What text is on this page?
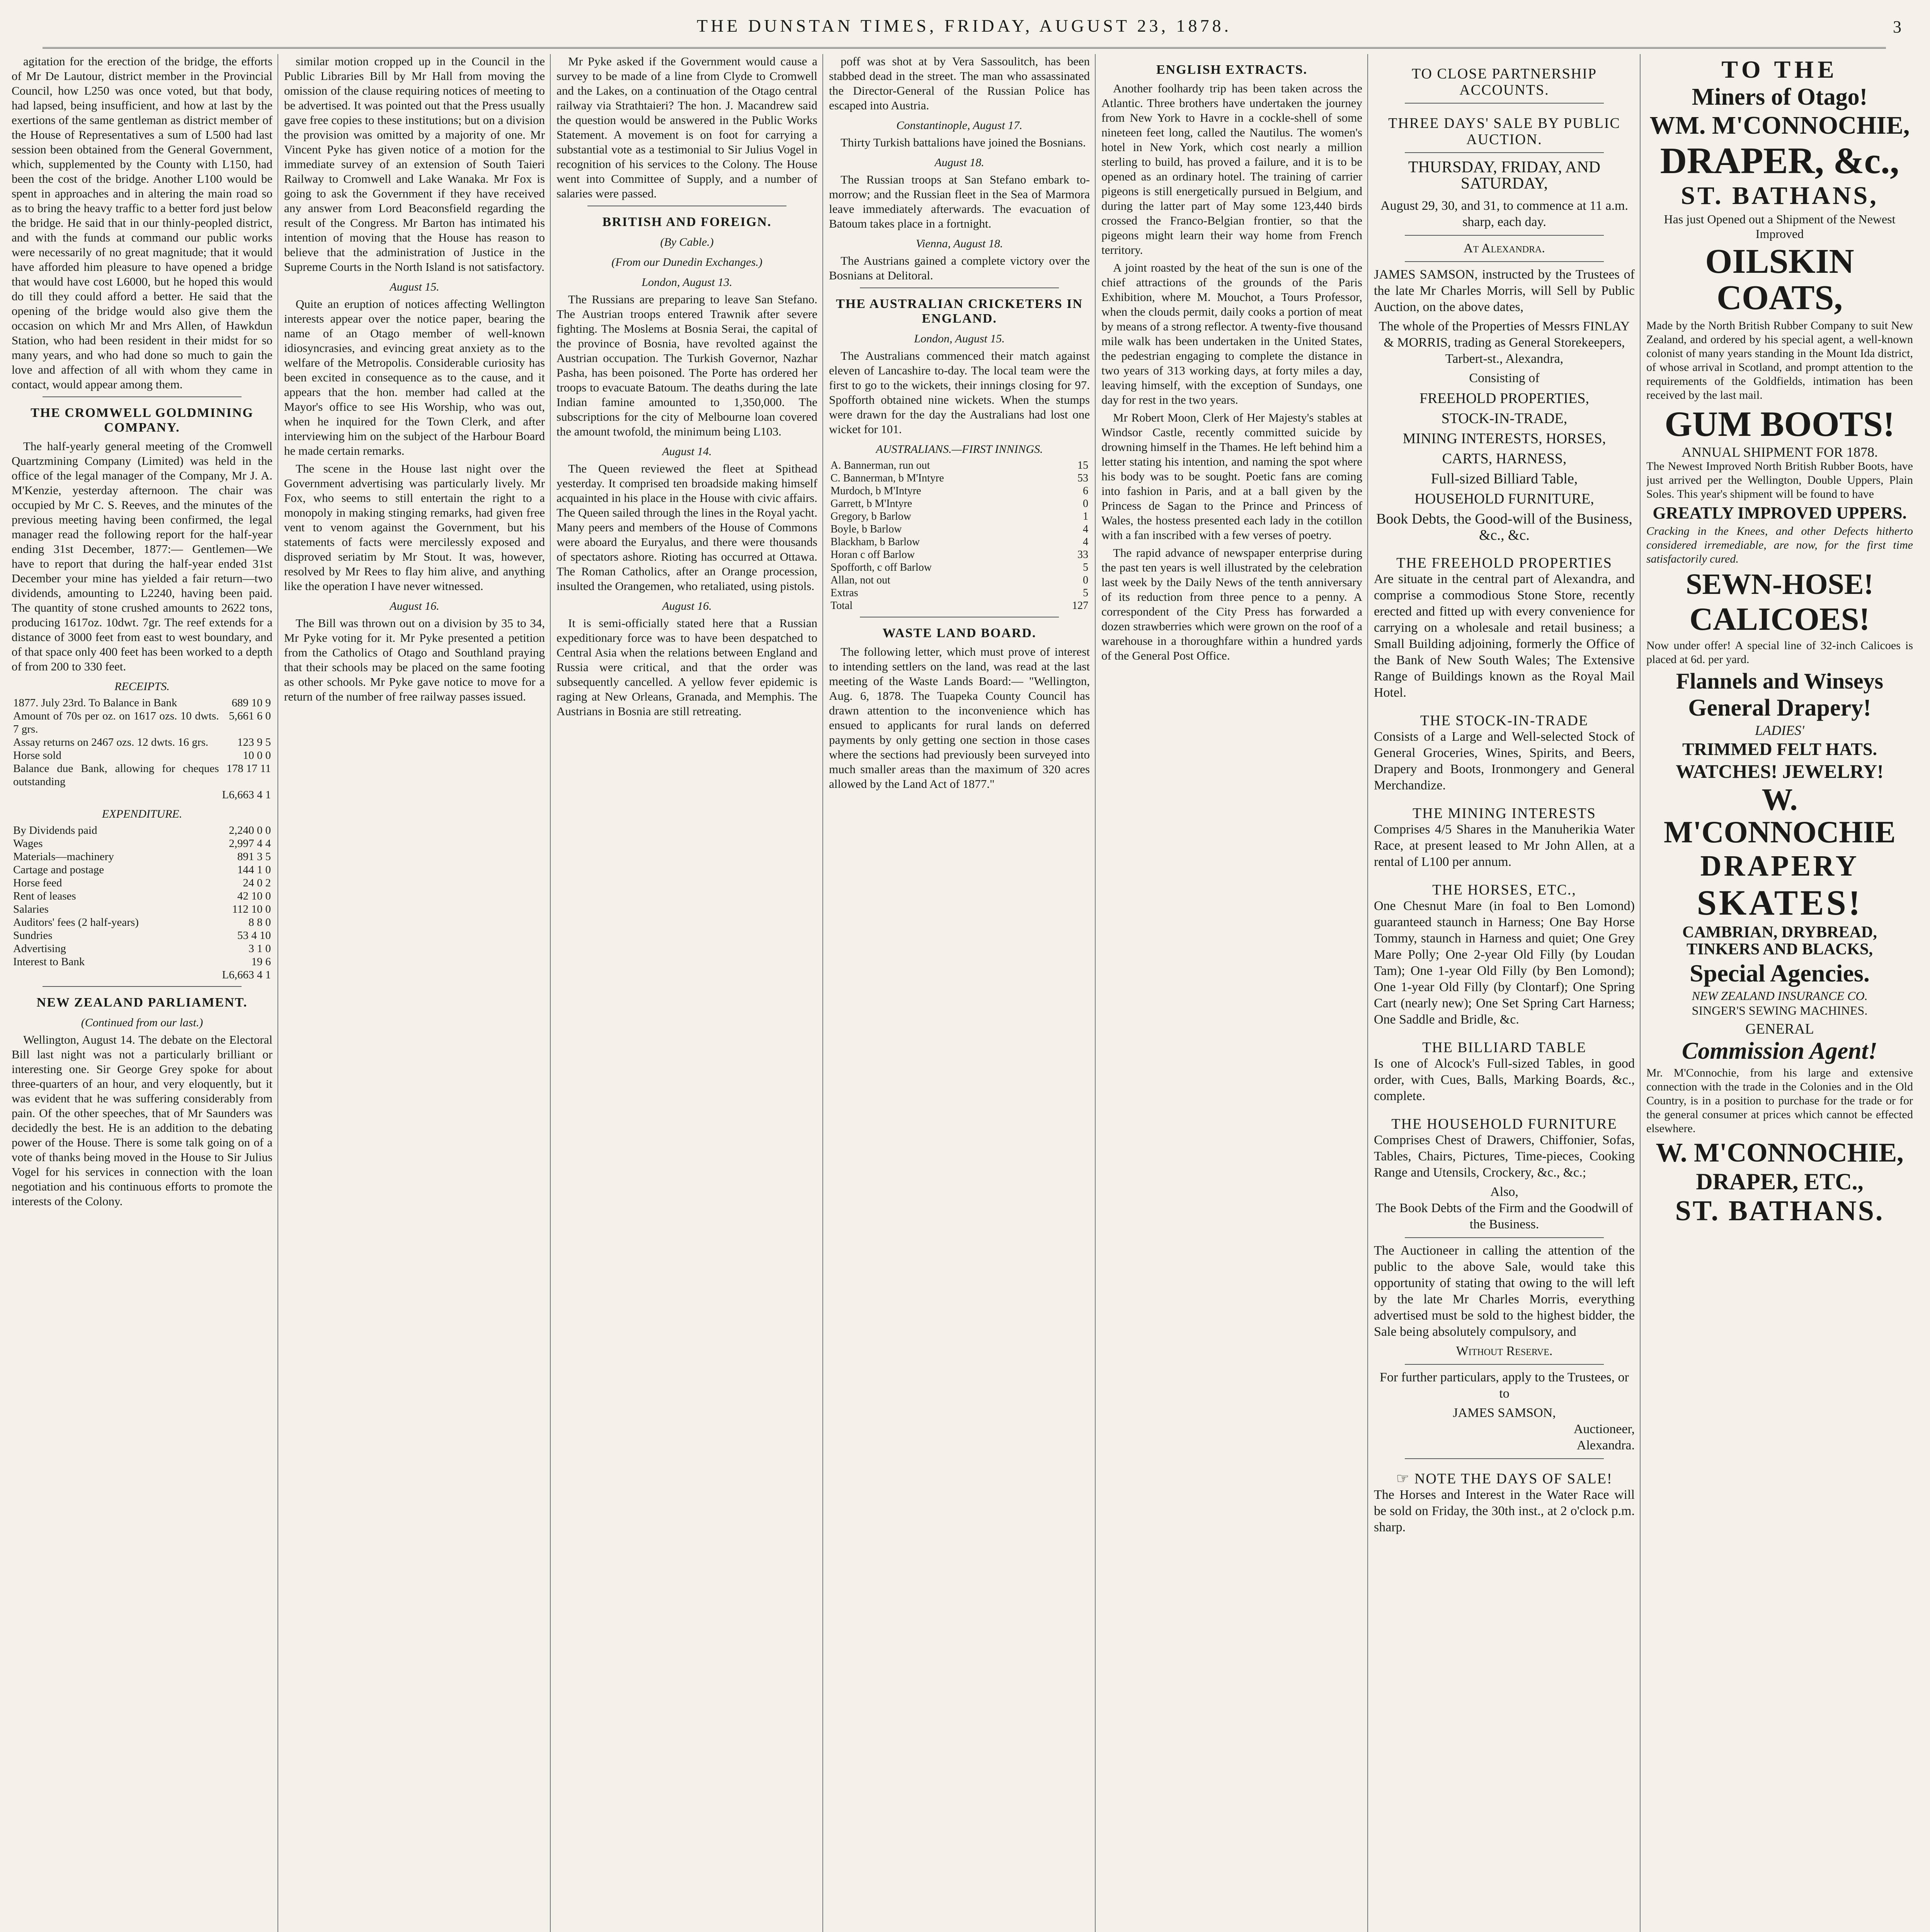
THE DUNSTAN TIMES, FRIDAY, AUGUST 23, 1878.	3

agitation for the erection of the bridge, the efforts of Mr De Lautour, district member in the Provincial Council, how L250 was once voted, but that body, had lapsed, being insufficient, and how at last by the exertions of the same gentleman as district member of the House of Representatives a sum of L500 had last session been obtained from the General Government, which, supplemented by the County with L150, had been the cost of the bridge. Another L100 would be spent in approaches and in altering the main road so as to bring the heavy traffic to a better ford just below the bridge. He said that in our thinly-peopled district, and with the funds at command our public works were necessarily of no great magnitude; that it would have afforded him pleasure to have opened a bridge that would have cost L6000, but he hoped this would do till they could afford a better. He said that the opening of the bridge would also give them the occasion on which Mr and Mrs Allen, of Hawkdun Station, who had been resident in their midst for so many years, and who had done so much to gain the love and affection of all with whom they came in contact, would appear among them.

THE CROMWELL GOLDMINING COMPANY.

The half-yearly general meeting of the Cromwell Quartzmining Company (Limited) was held in the office of the legal manager of the Company, Mr J. A. M'Kenzie, yesterday afternoon. The chair was occupied by Mr C. S. Reeves, and the minutes of the previous meeting having been confirmed, the legal manager read the following report for the half-year ending 31st December, 1877:— Gentlemen—We have to report that during the half-year ended 31st December your mine has yielded a fair return—two dividends, amounting to L2240, having been paid. The quantity of stone crushed amounts to 2622 tons, producing 1617oz. 10dwt. 7gr. The reef extends for a distance of 3000 feet from east to west boundary, and of that space only 400 feet has been worked to a depth of from 200 to 330 feet.

RECEIPTS.
1877. July 23rd. To Balance in Bank	689 10 9
Amount of 70s per oz. on 1617 ozs. 10 dwts. 7 grs.	5,661 6 0
Assay returns on 2467 ozs. 12 dwts. 16 grs.	123 9 5
Horse sold	10 0 0
Balance due Bank, allowing for cheques outstanding	178 17 11
	L6,663 4 1
EXPENDITURE.
By Dividends paid	2,240 0 0
Wages	2,997 4 4
Materials—machinery	891 3 5
Cartage and postage	144 1 0
Horse feed	24 0 2
Rent of leases	42 10 0
Salaries	112 10 0
Auditors' fees (2 half-years)	8 8 0
Sundries	53 4 10
Advertising	3 1 0
Interest to Bank	19 6
	L6,663 4 1
NEW ZEALAND PARLIAMENT.
(Continued from our last.)

Wellington, August 14. The debate on the Electoral Bill last night was not a particularly brilliant or interesting one. Sir George Grey spoke for about three-quarters of an hour, and very eloquently, but it was evident that he was suffering considerably from pain. Of the other speeches, that of Mr Saunders was decidedly the best. He is an addition to the debating power of the House. There is some talk going on of a vote of thanks being moved in the House to Sir Julius Vogel for his services in connection with the loan negotiation and his continuous efforts to promote the interests of the Colony.

similar motion cropped up in the Council in the Public Libraries Bill by Mr Hall from moving the omission of the clause requiring notices of meeting to be advertised. It was pointed out that the Press usually gave free copies to these institutions; but on a division the provision was omitted by a majority of one. Mr Vincent Pyke has given notice of a motion for the immediate survey of an extension of South Taieri Railway to Cromwell and Lake Wanaka. Mr Fox is going to ask the Government if they have received any answer from Lord Beaconsfield regarding the result of the Congress. Mr Barton has intimated his intention of moving that the House has reason to believe that the administration of Justice in the Supreme Courts in the North Island is not satisfactory.

August 15.

Quite an eruption of notices affecting Wellington interests appear over the notice paper, bearing the name of an Otago member of well-known idiosyncrasies, and evincing great anxiety as to the welfare of the Metropolis. Considerable curiosity has been excited in consequence as to the cause, and it appears that the hon. member had called at the Mayor's office to see His Worship, who was out, when he inquired for the Town Clerk, and after interviewing him on the subject of the Harbour Board he made certain remarks.

The scene in the House last night over the Government advertising was particularly lively. Mr Fox, who seems to still entertain the right to a monopoly in making stinging remarks, had given free vent to venom against the Government, but his statements of facts were mercilessly exposed and disproved seriatim by Mr Stout. It was, however, resolved by Mr Rees to flay him alive, and anything like the operation I have never witnessed.

August 16.

The Bill was thrown out on a division by 35 to 34, Mr Pyke voting for it. Mr Pyke presented a petition from the Catholics of Otago and Southland praying that their schools may be placed on the same footing as other schools. Mr Pyke gave notice to move for a return of the number of free railway passes issued.

Mr Pyke asked if the Government would cause a survey to be made of a line from Clyde to Cromwell and the Lakes, on a continuation of the Otago central railway via Strathtaieri? The hon. J. Macandrew said the question would be answered in the Public Works Statement. A movement is on foot for carrying a substantial vote as a testimonial to Sir Julius Vogel in recognition of his services to the Colony. The House went into Committee of Supply, and a number of salaries were passed.

BRITISH AND FOREIGN.
(By Cable.)
(From our Dunedin Exchanges.)
London, August 13.

The Russians are preparing to leave San Stefano. The Austrian troops entered Trawnik after severe fighting. The Moslems at Bosnia Serai, the capital of the province of Bosnia, have revolted against the Austrian occupation. The Turkish Governor, Nazhar Pasha, has been poisoned. The Porte has ordered her troops to evacuate Batoum. The deaths during the late Indian famine amounted to 1,350,000. The subscriptions for the city of Melbourne loan covered the amount twofold, the minimum being L103.

August 14.

The Queen reviewed the fleet at Spithead yesterday. It comprised ten broadside making himself acquainted in his place in the House with civic affairs. The Queen sailed through the lines in the Royal yacht. Many peers and members of the House of Commons were aboard the Euryalus, and there were thousands of spectators ashore. Rioting has occurred at Ottawa. The Roman Catholics, after an Orange procession, insulted the Orangemen, who retaliated, using pistols.

August 16.

It is semi-officially stated here that a Russian expeditionary force was to have been despatched to Central Asia when the relations between England and Russia were critical, and that the order was subsequently cancelled. A yellow fever epidemic is raging at New Orleans, Granada, and Memphis. The Austrians in Bosnia are still retreating.

poff was shot at by Vera Sassoulitch, has been stabbed dead in the street. The man who assassinated the Director-General of the Russian Police has escaped into Austria.

Constantinople, August 17.

Thirty Turkish battalions have joined the Bosnians.

August 18.

The Russian troops at San Stefano embark to-morrow; and the Russian fleet in the Sea of Marmora leave immediately afterwards. The evacuation of Batoum takes place in a fortnight.

Vienna, August 18.

The Austrians gained a complete victory over the Bosnians at Delitoral.

THE AUSTRALIAN CRICKETERS IN ENGLAND.
London, August 15.

The Australians commenced their match against eleven of Lancashire to-day. The local team were the first to go to the wickets, their innings closing for 97. Spofforth obtained nine wickets. When the stumps were drawn for the day the Australians had lost one wicket for 101.

AUSTRALIANS.—FIRST INNINGS.
A. Bannerman, run out	15
C. Bannerman, b M'Intyre	53
Murdoch, b M'Intyre	6
Garrett, b M'Intyre	0
Gregory, b Barlow	1
Boyle, b Barlow	4
Blackham, b Barlow	4
Horan c off Barlow	33
Spofforth, c off Barlow	5
Allan, not out	0
Extras	5
Total	127
WASTE LAND BOARD.

The following letter, which must prove of interest to intending settlers on the land, was read at the last meeting of the Waste Lands Board:— "Wellington, Aug. 6, 1878. The Tuapeka County Council has drawn attention to the inconvenience which has ensued to applicants for rural lands on deferred payments by only getting one section in those cases where the sections had previously been surveyed into much smaller areas than the maximum of 320 acres allowed by the Land Act of 1877."

ENGLISH EXTRACTS.

Another foolhardy trip has been taken across the Atlantic. Three brothers have undertaken the journey from New York to Havre in a cockle-shell of some nineteen feet long, called the Nautilus. The women's hotel in New York, which cost nearly a million sterling to build, has proved a failure, and it is to be opened as an ordinary hotel. The training of carrier pigeons is still energetically pursued in Belgium, and during the latter part of May some 123,440 birds crossed the Franco-Belgian frontier, so that the pigeons might learn their way home from French territory.

A joint roasted by the heat of the sun is one of the chief attractions of the grounds of the Paris Exhibition, where M. Mouchot, a Tours Professor, when the clouds permit, daily cooks a portion of meat by means of a strong reflector. A twenty-five thousand mile walk has been undertaken in the United States, the pedestrian engaging to complete the distance in two years of 313 working days, at forty miles a day, leaving himself, with the exception of Sundays, one day for rest in the two years.

Mr Robert Moon, Clerk of Her Majesty's stables at Windsor Castle, recently committed suicide by drowning himself in the Thames. He left behind him a letter stating his intention, and naming the spot where his body was to be sought. Poetic fans are coming into fashion in Paris, and at a ball given by the Princess de Sagan to the Prince and Princess of Wales, the hostess presented each lady in the cotillon with a fan inscribed with a few verses of poetry.

The rapid advance of newspaper enterprise during the past ten years is well illustrated by the celebration last week by the Daily News of the tenth anniversary of its reduction from three pence to a penny. A correspondent of the City Press has forwarded a dozen strawberries which were grown on the roof of a warehouse in a thoroughfare within a hundred yards of the General Post Office.

TO CLOSE PARTNERSHIP ACCOUNTS.
THREE DAYS' SALE BY PUBLIC AUCTION.
THURSDAY, FRIDAY, AND SATURDAY,
August 29, 30, and 31, to commence at 11 a.m. sharp, each day.
At Alexandra.

JAMES SAMSON, instructed by the Trustees of the late Mr Charles Morris, will Sell by Public Auction, on the above dates,

The whole of the Properties of Messrs FINLAY & MORRIS, trading as General Storekeepers, Tarbert-st., Alexandra,

Consisting of
FREEHOLD PROPERTIES,
STOCK-IN-TRADE,
MINING INTERESTS, HORSES,
CARTS, HARNESS,
Full-sized Billiard Table,
HOUSEHOLD FURNITURE,
Book Debts, the Good-will of the Business, &c., &c.
THE FREEHOLD PROPERTIES

Are situate in the central part of Alexandra, and comprise a commodious Stone Store, recently erected and fitted up with every convenience for carrying on a wholesale and retail business; a Small Building adjoining, formerly the Office of the Bank of New South Wales; The Extensive Range of Buildings known as the Royal Mail Hotel.

THE STOCK-IN-TRADE

Consists of a Large and Well-selected Stock of General Groceries, Wines, Spirits, and Beers, Drapery and Boots, Ironmongery and General Merchandize.

THE MINING INTERESTS

Comprises 4/5 Shares in the Manuherikia Water Race, at present leased to Mr John Allen, at a rental of L100 per annum.

THE HORSES, ETC.,

One Chesnut Mare (in foal to Ben Lomond) guaranteed staunch in Harness; One Bay Horse Tommy, staunch in Harness and quiet; One Grey Mare Polly; One 2-year Old Filly (by Loudan Tam); One 1-year Old Filly (by Ben Lomond); One 1-year Old Filly (by Clontarf); One Spring Cart (nearly new); One Set Spring Cart Harness; One Saddle and Bridle, &c.

THE BILLIARD TABLE

Is one of Alcock's Full-sized Tables, in good order, with Cues, Balls, Marking Boards, &c., complete.

THE HOUSEHOLD FURNITURE

Comprises Chest of Drawers, Chiffonier, Sofas, Tables, Chairs, Pictures, Time-pieces, Cooking Range and Utensils, Crockery, &c., &c.;

Also,

The Book Debts of the Firm and the Goodwill of the Business.

The Auctioneer in calling the attention of the public to the above Sale, would take this opportunity of stating that owing to the will left by the late Mr Charles Morris, everything advertised must be sold to the highest bidder, the Sale being absolutely compulsory, and

Without Reserve.

For further particulars, apply to the Trustees, or to

JAMES SAMSON,
Auctioneer,
Alexandra.
☞ NOTE THE DAYS OF SALE!

The Horses and Interest in the Water Race will be sold on Friday, the 30th inst., at 2 o'clock p.m. sharp.

TO THE
Miners of Otago!
WM. M'CONNOCHIE,
DRAPER, &c.,
ST. BATHANS,
Has just Opened out a Shipment of the Newest Improved
OILSKIN COATS,

Made by the North British Rubber Company to suit New Zealand, and ordered by his special agent, a well-known colonist of many years standing in the Mount Ida district, of whose arrival in Scotland, and prompt attention to the requirements of the Goldfields, intimation has been received by the last mail.

GUM BOOTS!
ANNUAL SHIPMENT FOR 1878.

The Newest Improved North British Rubber Boots, have just arrived per the Wellington, Double Uppers, Plain Soles. This year's shipment will be found to have

GREATLY IMPROVED UPPERS.

Cracking in the Knees, and other Defects hitherto considered irremediable, are now, for the first time satisfactorily cured.

SEWN-HOSE!
CALICOES!

Now under offer! A special line of 32-inch Calicoes is placed at 6d. per yard.

Flannels and Winseys
General Drapery!
LADIES'
TRIMMED FELT HATS.
WATCHES! JEWELRY!
W. M'CONNOCHIE
DRAPERY
SKATES!
CAMBRIAN, DRYBREAD, TINKERS AND BLACKS,
Special Agencies.
NEW ZEALAND INSURANCE CO.
SINGER'S SEWING MACHINES.
GENERAL
Commission Agent!

Mr. M'Connochie, from his large and extensive connection with the trade in the Colonies and in the Old Country, is in a position to purchase for the trade or for the general consumer at prices which cannot be effected elsewhere.

W. M'CONNOCHIE,
DRAPER, ETC.,
ST. BATHANS.
